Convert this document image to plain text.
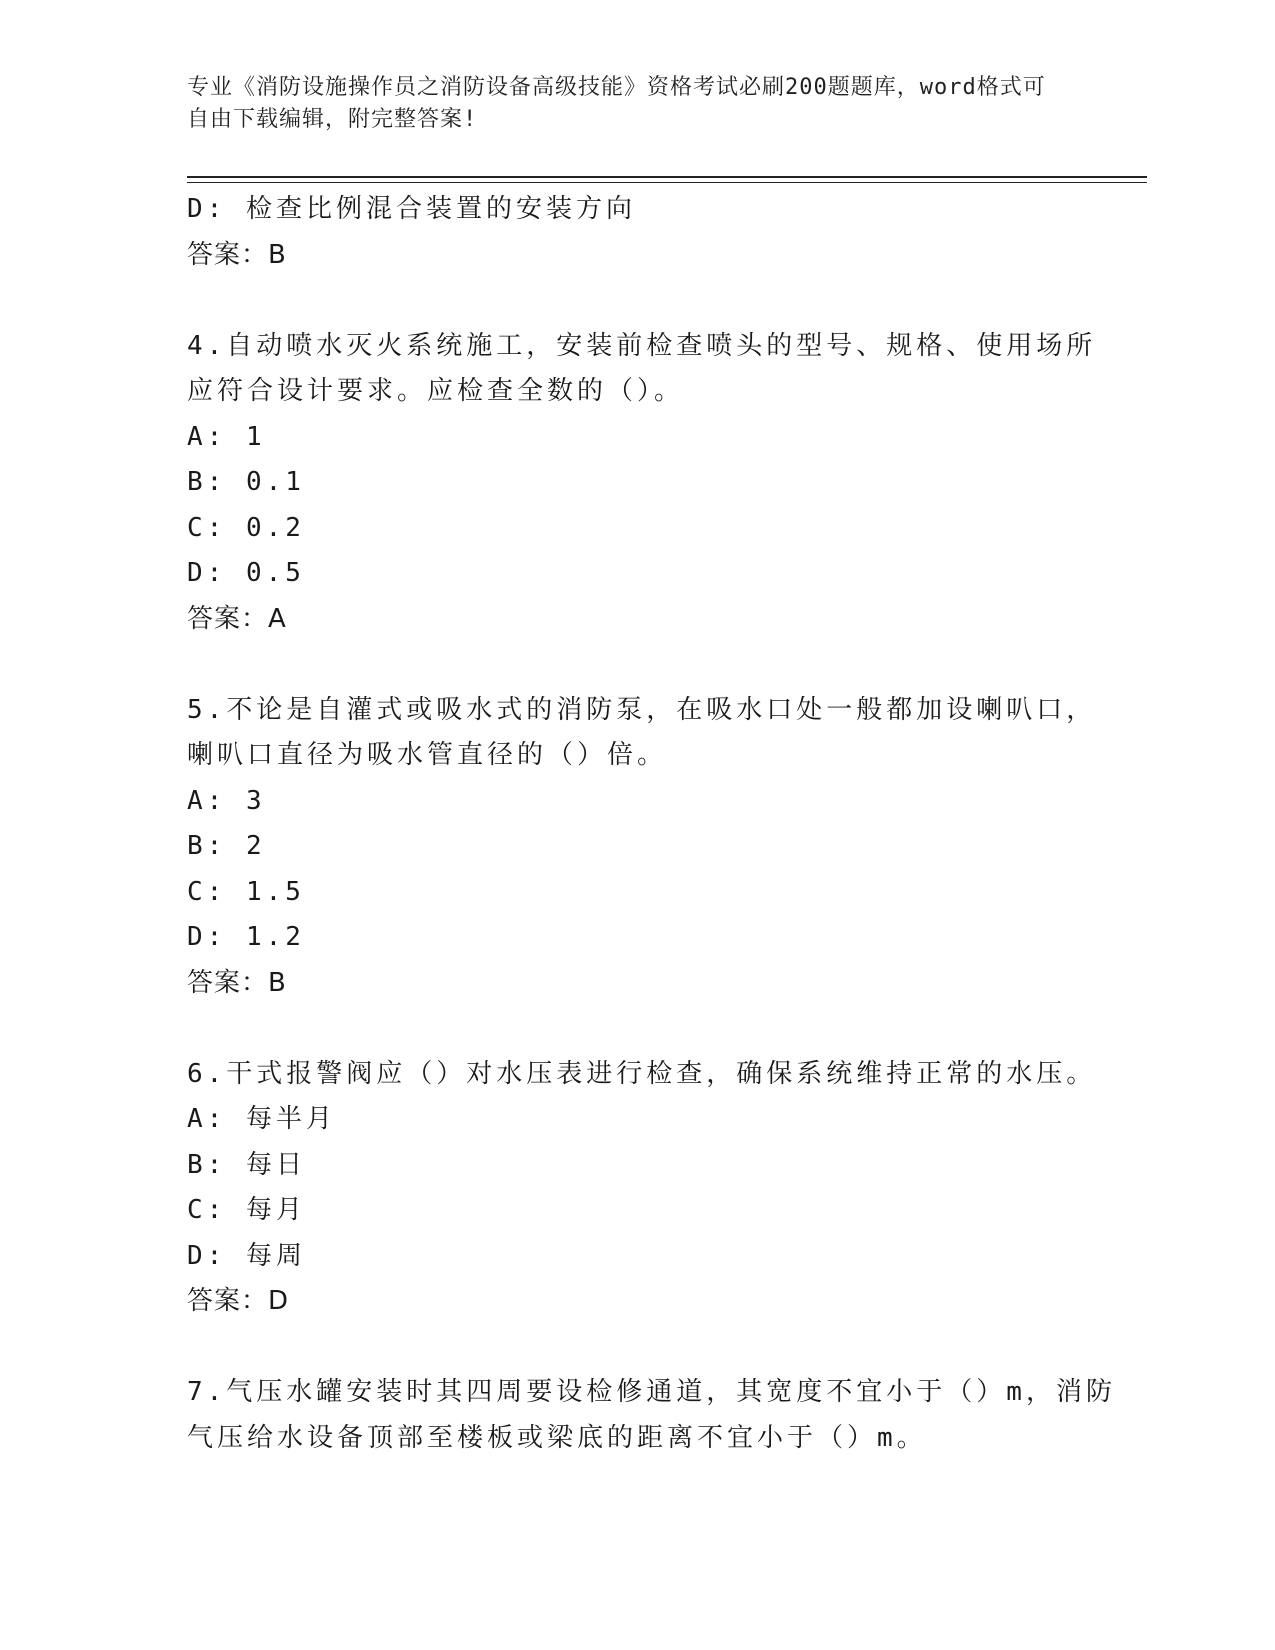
专业《消防设施操作员之消防设备高级技能》资格考试必刷200题题库，word格式可自由下载编辑，附完整答案!
D: 检查比例混合装置的安装方向
答案：B
4.自动喷水灭火系统施工，安装前检查喷头的型号、规格、使用场所
应符合设计要求。应检查全数的（）。
A: 1
B: 0.1
C: 0.2
D: 0.5
答案：A
5.不论是自灌式或吸水式的消防泵，在吸水口处一般都加设喇叭口，
喇叭口直径为吸水管直径的（）倍。
A: 3
B: 2
C: 1.5
D: 1.2
答案：B
6.干式报警阀应（）对水压表进行检查，确保系统维持正常的水压。
A: 每半月
B: 每日
C: 每月
D: 每周
答案：D
7.气压水罐安装时其四周要设检修通道，其宽度不宜小于（）m，消防
气压给水设备顶部至楼板或梁底的距离不宜小于（）m。
